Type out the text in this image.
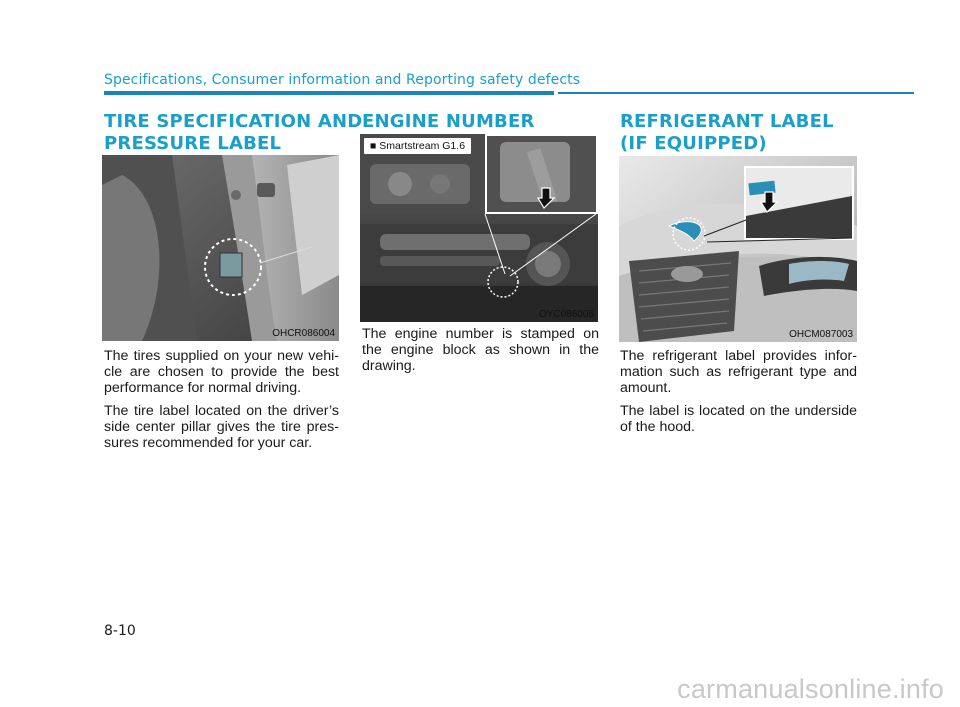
Specifications, Consumer information and Reporting safety defects
TIRE SPECIFICATION AND
PRESSURE LABEL
OHCR086004

The tires supplied on your new vehi-cle are chosen to provide the best performance for normal driving.

The tire label located on the driver’s side center pillar gives the tire pres-sures recommended for your car.

ENGINE NUMBER
■ Smartstream G1.6
OYC086005

The engine number is stamped on the engine block as shown in the drawing.

REFRIGERANT LABEL
(IF EQUIPPED)
OHCM087003

The refrigerant label provides infor-mation such as refrigerant type and amount.

The label is located on the underside of the hood.

8-10
carmanualsonline.info
